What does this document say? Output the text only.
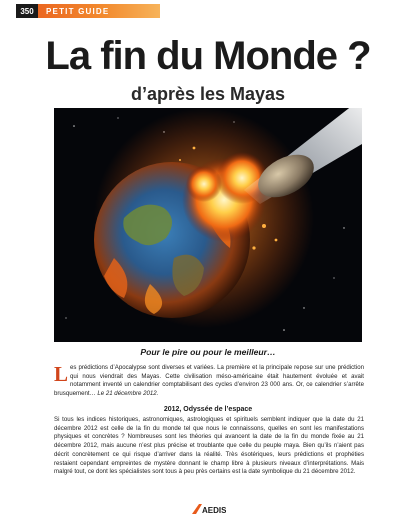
350	PETIT GUIDE
La fin du Monde ?
d’après les Mayas
Pour le pire ou pour le meilleur…
Les prédictions d’Apocalypse sont diverses et variées. La première et la principale repose sur une prédiction qui nous viendrait des Mayas. Cette civilisation méso-américaine était hautement évoluée et avait notamment inventé un calendrier comptabilisant des cycles d’environ 23 000 ans. Or, ce calendrier s’arrête brusquement… Le 21 décembre 2012.
2012, Odyssée de l’espace
Si tous les indices historiques, astronomiques, astrologiques et spirituels semblent indiquer que la date du 21 décembre 2012 est celle de la fin du monde tel que nous le connaissons, quelles en sont les manifestations physiques et concrètes ? Nombreuses sont les théories qui avancent la date de la fin du monde fixée au 21 décembre 2012, mais aucune n’est plus précise et troublante que celle du peuple maya. Bien qu’ils n’aient pas décrit concrètement ce qui risque d’arriver dans la réalité. Très ésotériques, leurs prédictions et prophéties restaient cependant empreintes de mystère donnant le champ libre à plusieurs niveaux d’interprétations. Mais malgré tout, ce dont les spécialistes sont tous à peu près certains est la date symbolique du 21 décembre 2012.
AEDIS
